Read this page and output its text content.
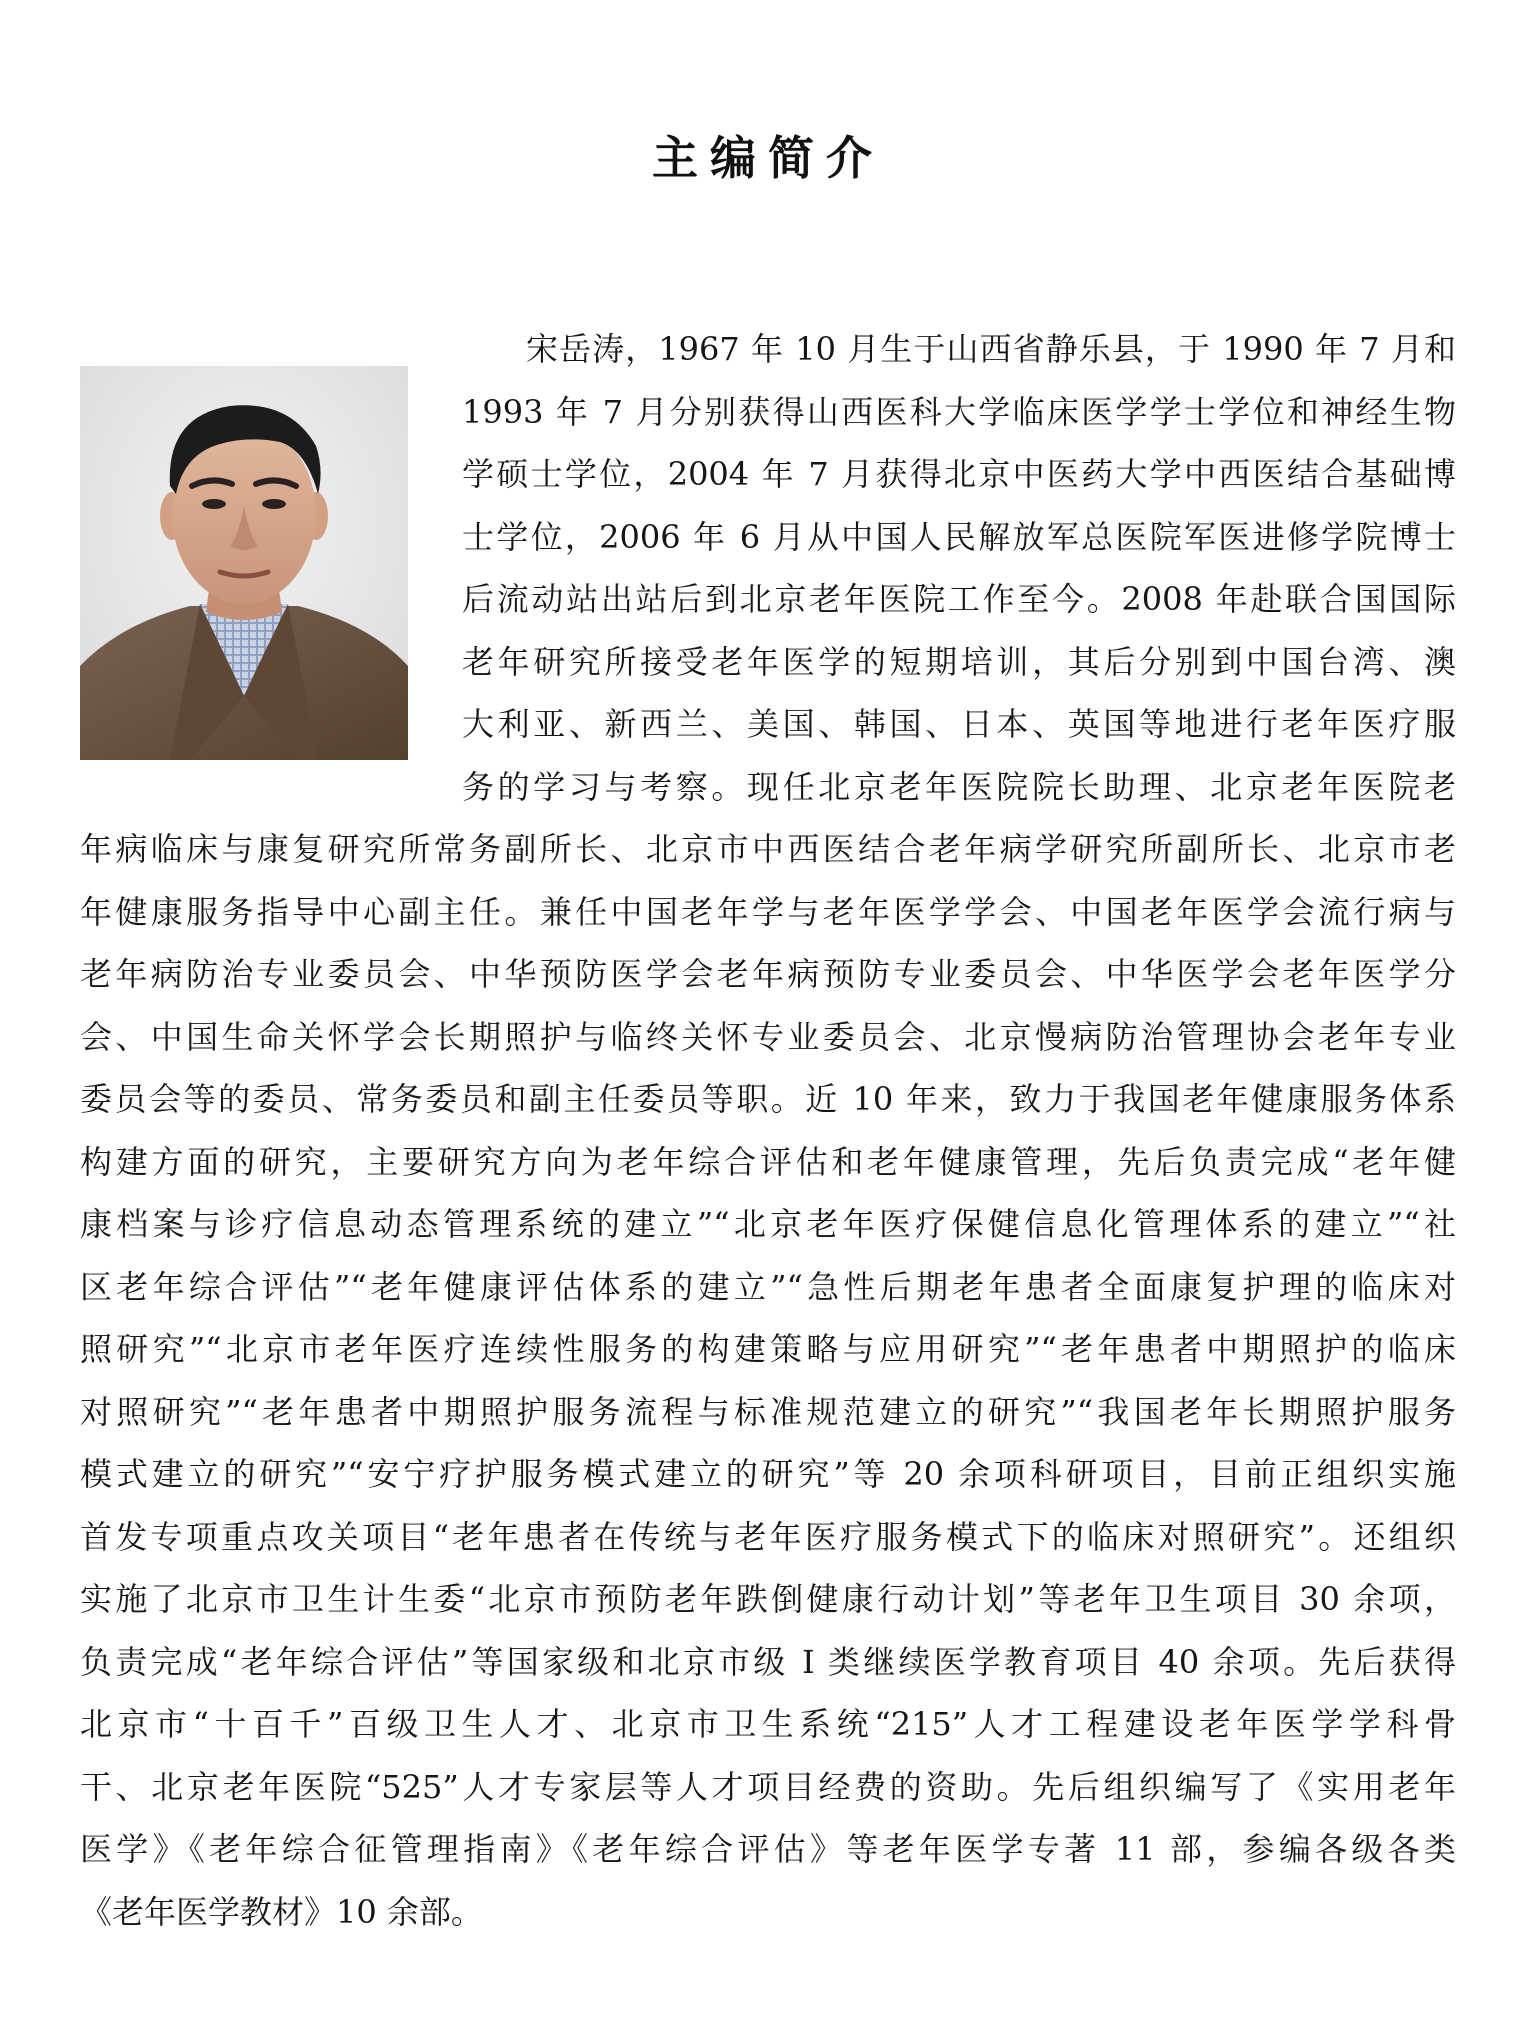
主编简介
宋岳涛，1967 年 10 月生于山西省静乐县，于 1990 年 7 月和
1993 年 7 月分别获得山西医科大学临床医学学士学位和神经生物
学硕士学位，2004 年 7 月获得北京中医药大学中西医结合基础博
士学位，2006 年 6 月从中国人民解放军总医院军医进修学院博士
后流动站出站后到北京老年医院工作至今。2008 年赴联合国国际
老年研究所接受老年医学的短期培训，其后分别到中国台湾、澳
大利亚、新西兰、美国、韩国、日本、英国等地进行老年医疗服
务的学习与考察。现任北京老年医院院长助理、北京老年医院老
年病临床与康复研究所常务副所长、北京市中西医结合老年病学研究所副所长、北京市老
年健康服务指导中心副主任。兼任中国老年学与老年医学学会、中国老年医学会流行病与
老年病防治专业委员会、中华预防医学会老年病预防专业委员会、中华医学会老年医学分
会、中国生命关怀学会长期照护与临终关怀专业委员会、北京慢病防治管理协会老年专业
委员会等的委员、常务委员和副主任委员等职。近 10 年来，致力于我国老年健康服务体系
构建方面的研究，主要研究方向为老年综合评估和老年健康管理，先后负责完成“老年健
康档案与诊疗信息动态管理系统的建立”“北京老年医疗保健信息化管理体系的建立”“社
区老年综合评估”“老年健康评估体系的建立”“急性后期老年患者全面康复护理的临床对
照研究”“北京市老年医疗连续性服务的构建策略与应用研究”“老年患者中期照护的临床
对照研究”“老年患者中期照护服务流程与标准规范建立的研究”“我国老年长期照护服务
模式建立的研究”“安宁疗护服务模式建立的研究”等 20 余项科研项目，目前正组织实施
首发专项重点攻关项目“老年患者在传统与老年医疗服务模式下的临床对照研究”。还组织
实施了北京市卫生计生委“北京市预防老年跌倒健康行动计划”等老年卫生项目 30 余项，
负责完成“老年综合评估”等国家级和北京市级 I 类继续医学教育项目 40 余项。先后获得
北京市“十百千”百级卫生人才、北京市卫生系统“215”人才工程建设老年医学学科骨
干、北京老年医院“525”人才专家层等人才项目经费的资助。先后组织编写了《实用老年
医学》《老年综合征管理指南》《老年综合评估》等老年医学专著 11 部，参编各级各类
《老年医学教材》10 余部。
